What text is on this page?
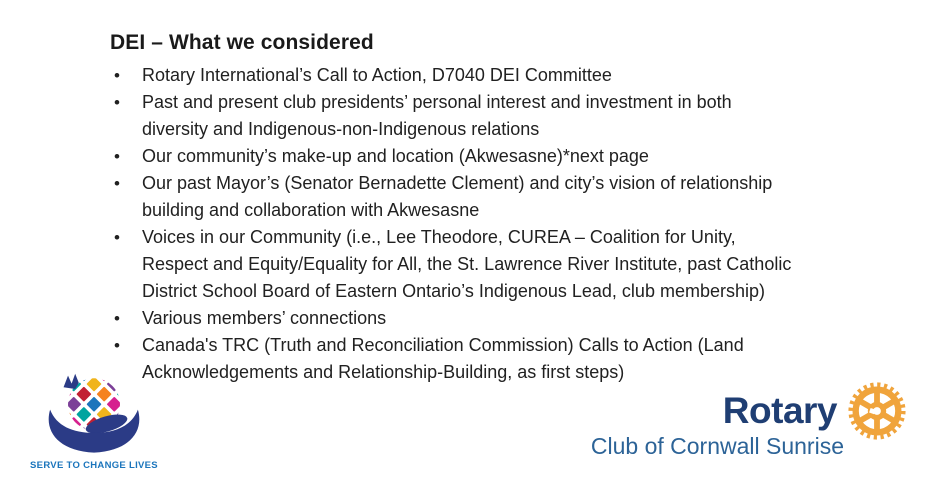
DEI – What we considered
•	Rotary International’s Call to Action, D7040 DEI Committee
•	Past and present club presidents’ personal interest and investment in both
diversity and Indigenous-non-Indigenous relations
•	Our community’s make-up and location (Akwesasne)*next page
•	Our past Mayor’s (Senator Bernadette Clement) and city’s vision of relationship
building and collaboration with Akwesasne
•	Voices in our Community (i.e., Lee Theodore, CUREA – Coalition for Unity,
Respect and Equity/Equality for All, the St. Lawrence River Institute, past Catholic
District School Board of Eastern Ontario’s Indigenous Lead, club membership)
•	Various members’ connections
•	Canada's TRC (Truth and Reconciliation Commission) Calls to Action (Land
Acknowledgements and Relationship-Building, as first steps)
SERVE TO CHANGE LIVES
Rotary
Club of Cornwall Sunrise
